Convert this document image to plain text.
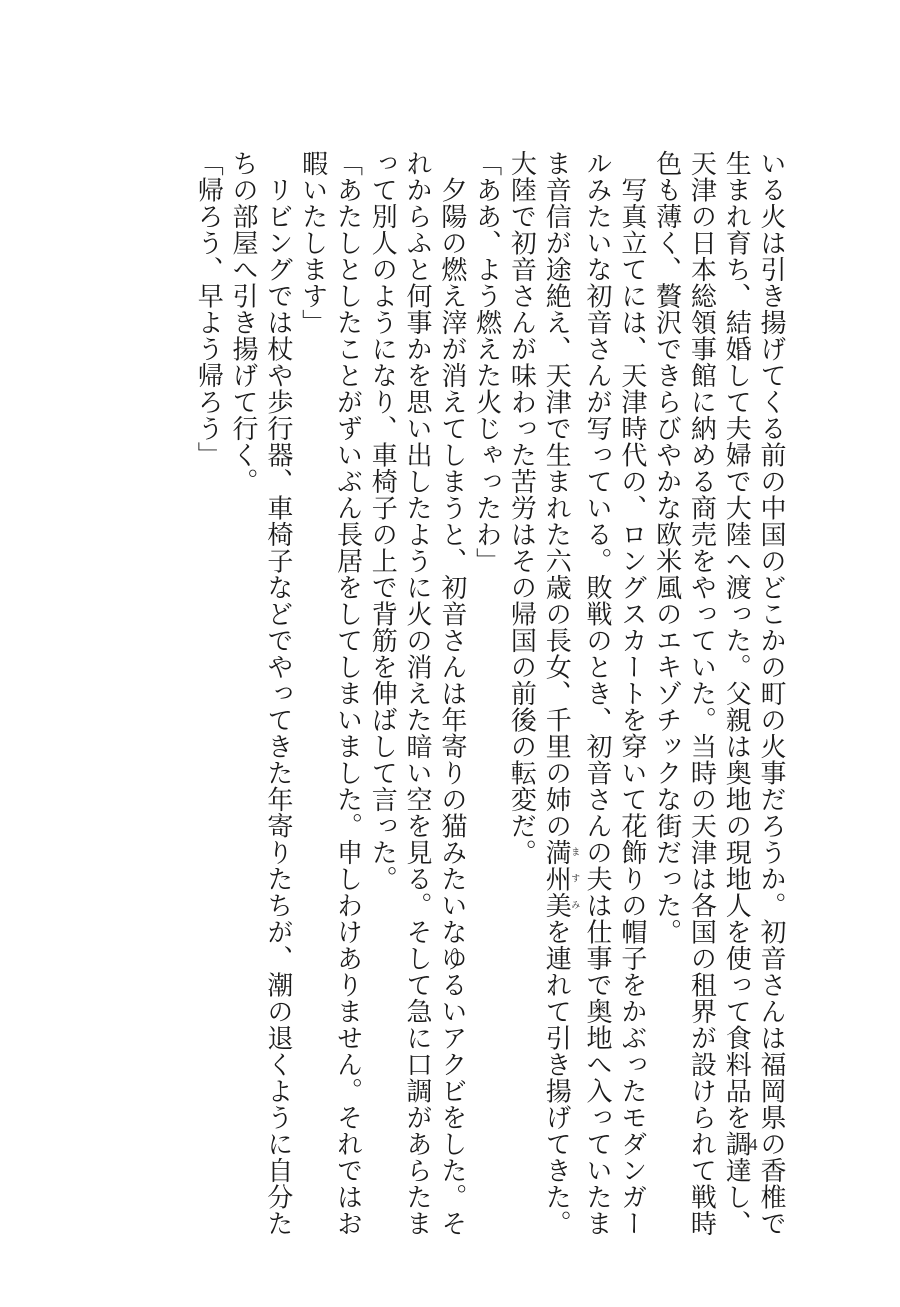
いる火は引き揚げてくる前の中国のどこかの町の火事だろうか。初音さんは福岡県の香椎で
生まれ育ち、結婚して夫婦で大陸へ渡った。父親は奥地の現地人を使って食料品を調達し、
天津の日本総領事館に納める商売をやっていた。当時の天津は各国の租界が設けられて戦時
色も薄く、贅沢できらびやかな欧米風のエキゾチックな街だった。
　写真立てには、天津時代の、ロングスカートを穿いて花飾りの帽子をかぶったモダンガー
ルみたいな初音さんが写っている。敗戦のとき、初音さんの夫は仕事で奥地へ入っていたま
ま音信が途絶え、天津で生まれた六歳の長女、千里の姉の満州美ますみを連れて引き揚げてきた。
大陸で初音さんが味わった苦労はその帰国の前後の転変だ。
「ああ、よう燃えた火じゃったわ」
　夕陽の燃え滓が消えてしまうと、初音さんは年寄りの猫みたいなゆるいアクビをした。そ
れからふと何事かを思い出したように火の消えた暗い空を見る。そして急に口調があらたま
って別人のようになり、車椅子の上で背筋を伸ばして言った。
「あたしとしたことがずいぶん長居をしてしまいました。申しわけありません。それではお
暇いたします」
　リビングでは杖や歩行器、車椅子などでやってきた年寄りたちが、潮の退くように自分た
ちの部屋へ引き揚げて行く。
「帰ろう、早よう帰ろう」
4
